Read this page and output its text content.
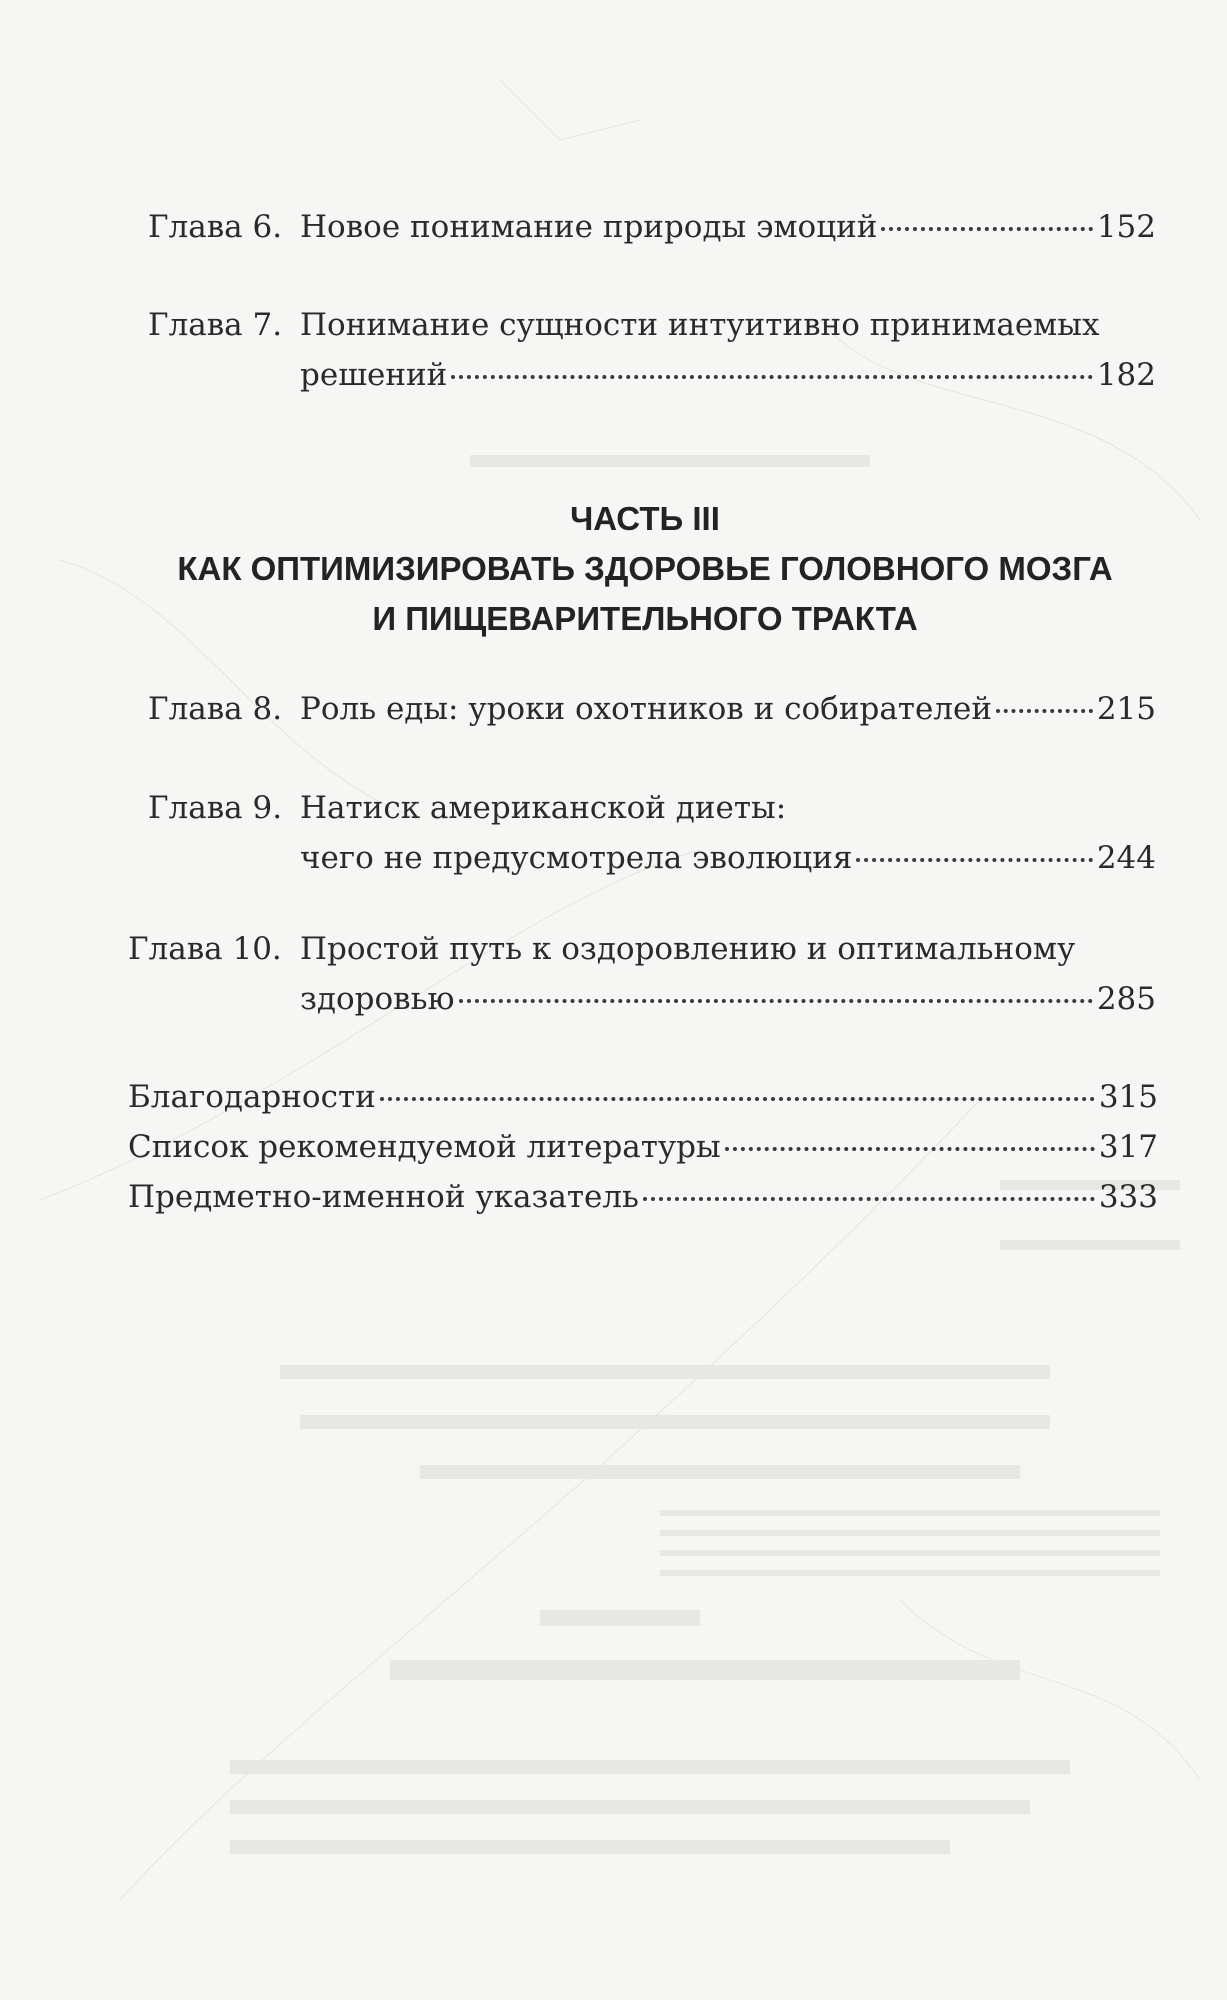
Глава 6. Новое понимание природы эмоций	152
Глава 7. Понимание сущности интуитивно принимаемых
решений	182
ЧАСТЬ III
КАК ОПТИМИЗИРОВАТЬ ЗДОРОВЬЕ ГОЛОВНОГО МОЗГА
И ПИЩЕВАРИТЕЛЬНОГО ТРАКТА
Глава 8. Роль еды: уроки охотников и собирателей	215
Глава 9. Натиск американской диеты:
чего не предусмотрела эволюция	244
Глава 10. Простой путь к оздоровлению и оптимальному
здоровью	285
Благодарности	315
Список рекомендуемой литературы	317
Предметно-именной указатель	333
